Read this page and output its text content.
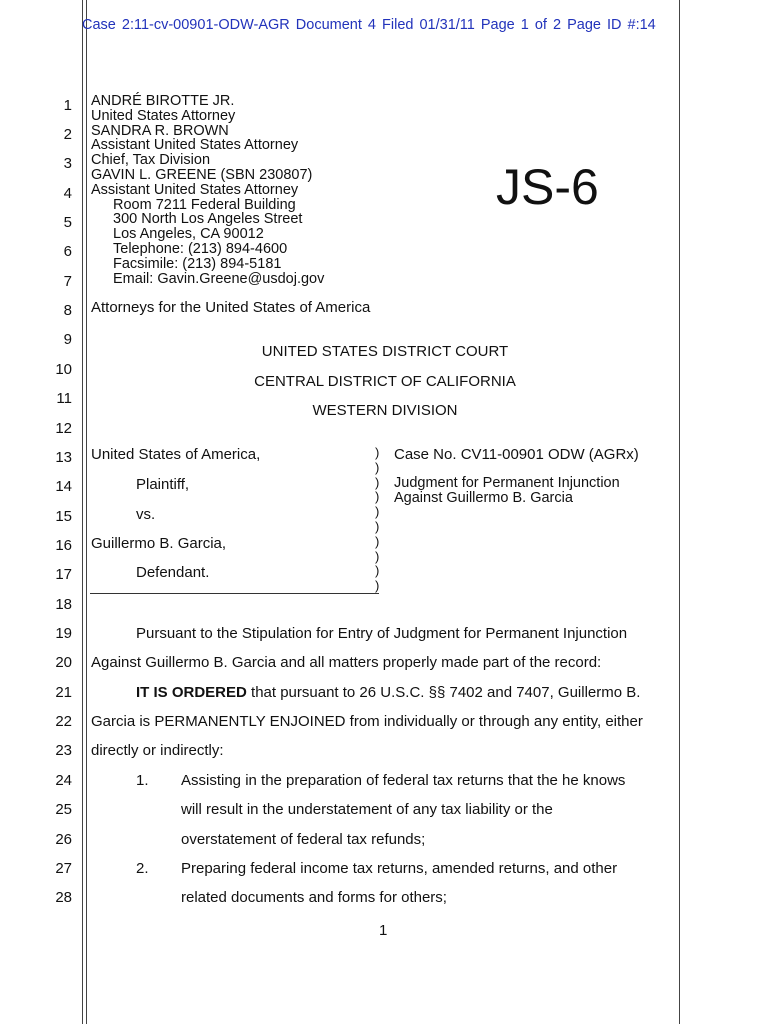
Case 2:11-cv-00901-ODW-AGR Document 4 Filed 01/31/11 Page 1 of 2 Page ID #:14
1
2
3
4
5
6
7
8
9
10
11
12
13
14
15
16
17
18
19
20
21
22
23
24
25
26
27
28
ANDRÉ BIROTTE JR.
United States Attorney
SANDRA R. BROWN
Assistant United States Attorney
Chief, Tax Division
GAVIN L. GREENE (SBN 230807)
Assistant United States Attorney
Room 7211 Federal Building
300 North Los Angeles Street
Los Angeles, CA 90012
Telephone: (213) 894-4600
Facsimile: (213) 894-5181
Email: Gavin.Greene@usdoj.gov
JS-6
Attorneys for the United States of America
UNITED STATES DISTRICT COURT
CENTRAL DISTRICT OF CALIFORNIA
WESTERN DIVISION
United States of America,
Plaintiff,
vs.
Guillermo B. Garcia,
Defendant.
)
)
)
)
)
)
)
)
)
)
Case No. CV11-00901 ODW (AGRx)
Judgment for Permanent Injunction
Against Guillermo B. Garcia
Pursuant to the Stipulation for Entry of Judgment for Permanent Injunction
Against Guillermo B. Garcia and all matters properly made part of the record:
IT IS ORDERED that pursuant to 26 U.S.C. §§ 7402 and 7407, Guillermo B.
Garcia is PERMANENTLY ENJOINED from individually or through any entity, either
directly or indirectly:
1. Assisting in the preparation of federal tax returns that the he knows
will result in the understatement of any tax liability or the
overstatement of federal tax refunds;
2. Preparing federal income tax returns, amended returns, and other
related documents and forms for others;
1
